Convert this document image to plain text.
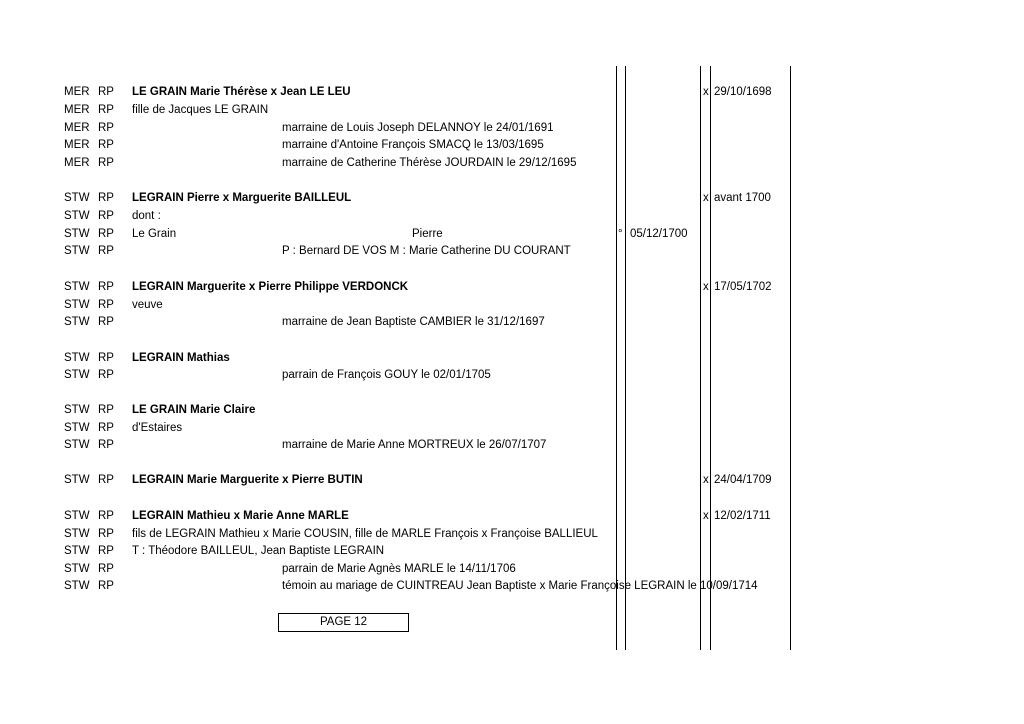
MER RP LE GRAIN Marie Thérèse x Jean LE LEU	x 29/10/1698
MER RP fille de Jacques LE GRAIN
MER RP	marraine de Louis Joseph DELANNOY le 24/01/1691
MER RP	marraine d'Antoine François SMACQ le 13/03/1695
MER RP	marraine de Catherine Thérèse JOURDAIN le 29/12/1695
STW RP LEGRAIN Pierre x Marguerite BAILLEUL	x avant 1700
STW RP dont :
STW RP Le Grain	Pierre	° 05/12/1700
STW RP	P : Bernard DE VOS M : Marie Catherine DU COURANT
STW RP LEGRAIN Marguerite x Pierre Philippe VERDONCK	x 17/05/1702
STW RP veuve
STW RP	marraine de Jean Baptiste CAMBIER le 31/12/1697
STW RP LEGRAIN Mathias
STW RP	parrain de François GOUY le 02/01/1705
STW RP LE GRAIN Marie Claire
STW RP d'Estaires
STW RP	marraine de Marie Anne MORTREUX le 26/07/1707
STW RP LEGRAIN Marie Marguerite x Pierre BUTIN	x 24/04/1709
STW RP LEGRAIN Mathieu x Marie Anne MARLE	x 12/02/1711
STW RP fils de LEGRAIN Mathieu x Marie COUSIN, fille de MARLE François x Françoise BALLIEUL
STW RP T : Théodore BAILLEUL, Jean Baptiste LEGRAIN
STW RP	parrain de Marie Agnès MARLE le 14/11/1706
STW RP	témoin au mariage de CUINTREAU Jean Baptiste x Marie Françoise LEGRAIN le 10/09/1714
PAGE 12
